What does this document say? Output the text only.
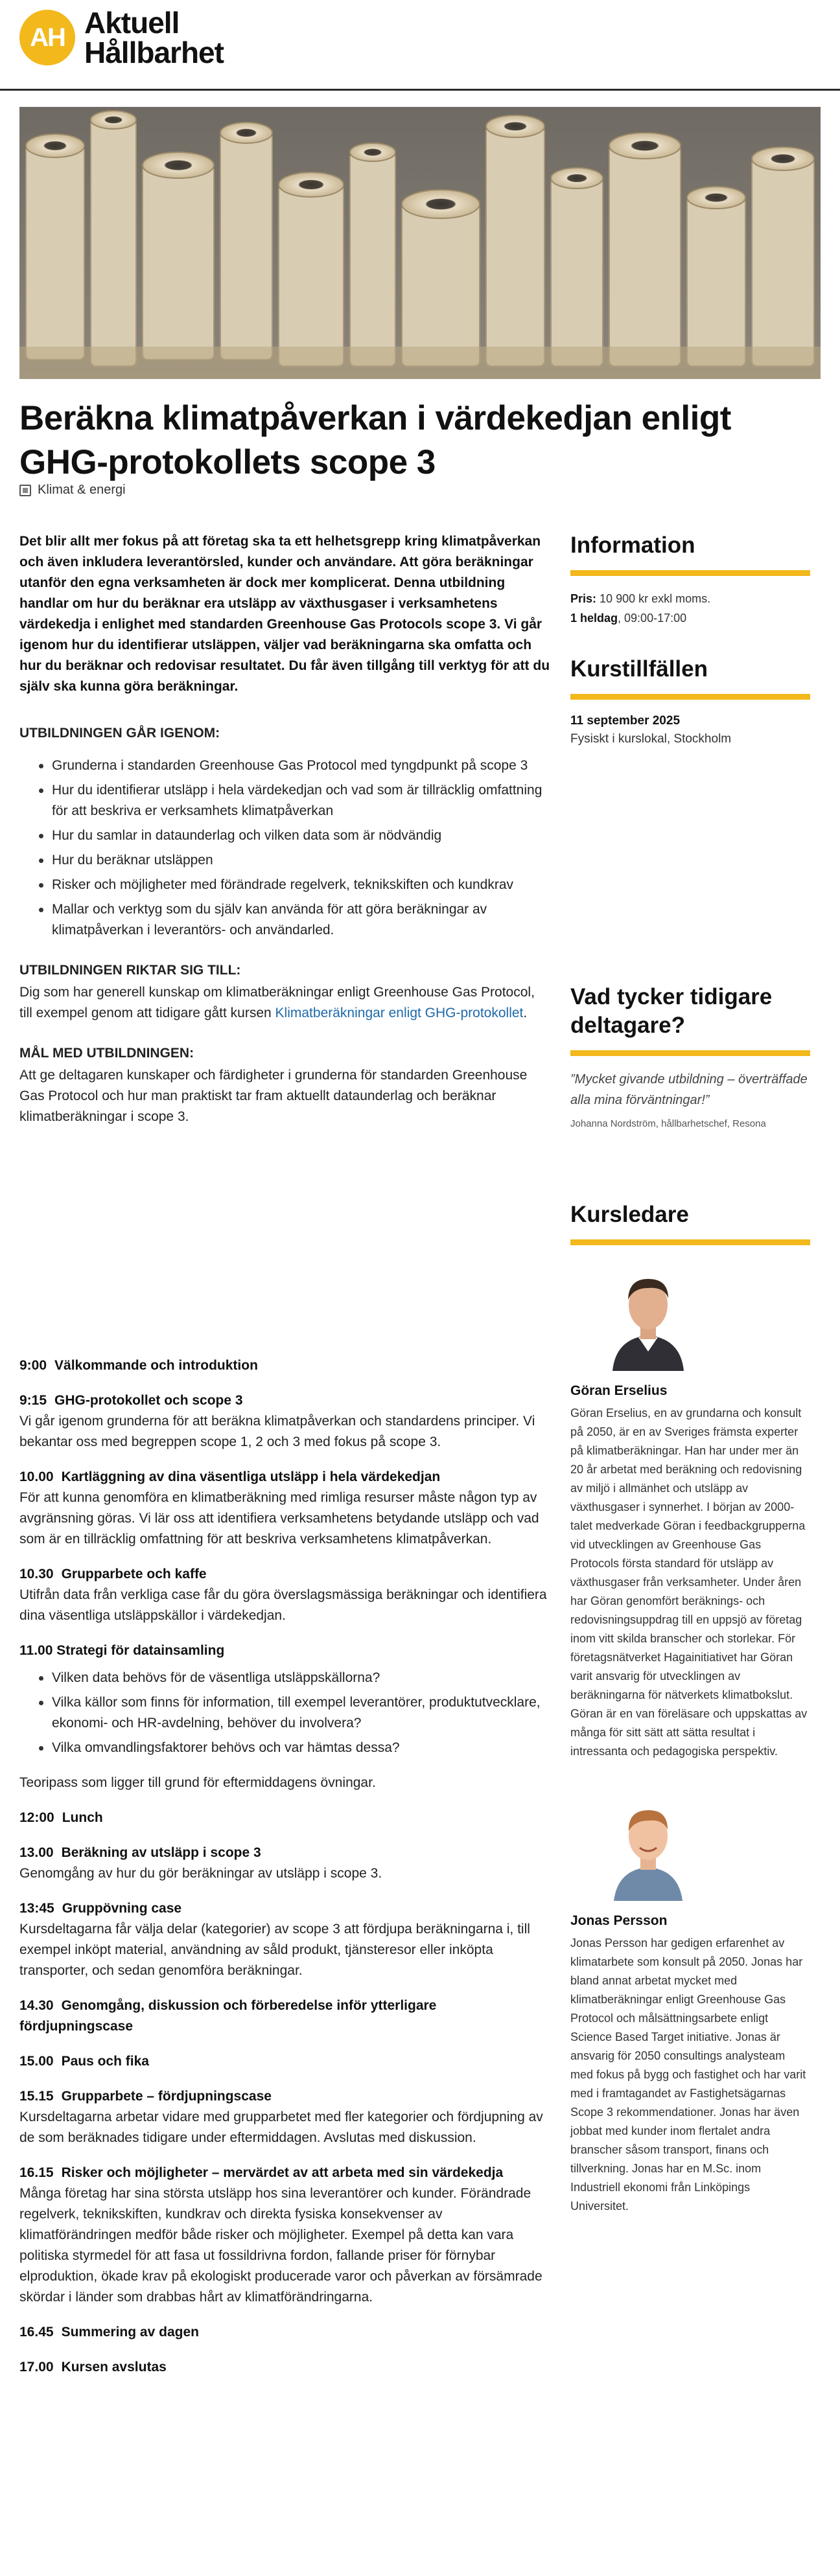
AH Aktuell
Hållbarhet
Beräkna klimatpåverkan i värdekedjan enligt GHG-protokollets scope 3
Klimat & energi

Det blir allt mer fokus på att företag ska ta ett helhetsgrepp kring klimatpåverkan och även inkludera leverantörsled, kunder och användare. Att göra beräkningar utanför den egna verksamheten är dock mer komplicerat. Denna utbildning handlar om hur du beräknar era utsläpp av växthusgaser i verksamhetens värdekedja i enlighet med standarden Greenhouse Gas Protocols scope 3. Vi går igenom hur du identifierar utsläppen, väljer vad beräkningarna ska omfatta och hur du beräknar och redovisar resultatet. Du får även tillgång till verktyg för att du själv ska kunna göra beräkningar.

UTBILDNINGEN GÅR IGENOM:

Grunderna i standarden Greenhouse Gas Protocol med tyngdpunkt på scope 3
Hur du identifierar utsläpp i hela värdekedjan och vad som är tillräcklig omfattning för att beskriva er verksamhets klimatpåverkan
Hur du samlar in dataunderlag och vilken data som är nödvändig
Hur du beräknar utsläppen
Risker och möjligheter med förändrade regelverk, teknikskiften och kundkrav
Mallar och verktyg som du själv kan använda för att göra beräkningar av klimatpåverkan i leverantörs- och användarled.

UTBILDNINGEN RIKTAR SIG TILL:

Dig som har generell kunskap om klimatberäkningar enligt Greenhouse Gas Protocol, till exempel genom att tidigare gått kursen Klimatberäkningar enligt GHG-protokollet.

MÅL MED UTBILDNINGEN:

Att ge deltagaren kunskaper och färdigheter i grunderna för standarden Greenhouse Gas Protocol och hur man praktiskt tar fram aktuellt dataunderlag och beräknar klimatberäkningar i scope 3.

9:00 Välkommande och introduktion
9:15 GHG-protokollet och scope 3
Vi går igenom grunderna för att beräkna klimatpåverkan och standardens principer. Vi bekantar oss med begreppen scope 1, 2 och 3 med fokus på scope 3.
10.00 Kartläggning av dina väsentliga utsläpp i hela värdekedjan
För att kunna genomföra en klimatberäkning med rimliga resurser måste någon typ av avgränsning göras. Vi lär oss att identifiera verksamhetens betydande utsläpp och vad som är en tillräcklig omfattning för att beskriva verksamhetens klimatpåverkan.
10.30 Grupparbete och kaffe
Utifrån data från verkliga case får du göra överslagsmässiga beräkningar och identifiera dina väsentliga utsläppskällor i värdekedjan.
11.00 Strategi för datainsamling
Vilken data behövs för de väsentliga utsläppskällorna?
Vilka källor som finns för information, till exempel leverantörer, produktutvecklare, ekonomi- och HR-avdelning, behöver du involvera?
Vilka omvandlingsfaktorer behövs och var hämtas dessa?
Teoripass som ligger till grund för eftermiddagens övningar.
12:00 Lunch
13.00 Beräkning av utsläpp i scope 3
Genomgång av hur du gör beräkningar av utsläpp i scope 3.
13:45 Gruppövning case
Kursdeltagarna får välja delar (kategorier) av scope 3 att fördjupa beräkningarna i, till exempel inköpt material, användning av såld produkt, tjänsteresor eller inköpta transporter, och sedan genomföra beräkningar.
14.30 Genomgång, diskussion och förberedelse inför ytterligare fördjupningscase
15.00 Paus och fika
15.15 Grupparbete – fördjupningscase
Kursdeltagarna arbetar vidare med grupparbetet med fler kategorier och fördjupning av de som beräknades tidigare under eftermiddagen. Avslutas med diskussion.
16.15 Risker och möjligheter – mervärdet av att arbeta med sin värdekedja
Många företag har sina största utsläpp hos sina leverantörer och kunder. Förändrade regelverk, teknikskiften, kundkrav och direkta fysiska konsekvenser av klimatförändringen medför både risker och möjligheter. Exempel på detta kan vara politiska styrmedel för att fasa ut fossildrivna fordon, fallande priser för förnybar elproduktion, ökade krav på ekologiskt producerade varor och påverkan av försämrade skördar i länder som drabbas hårt av klimatförändringarna.
16.45 Summering av dagen
17.00 Kursen avslutas
Information
Pris: 10 900 kr exkl moms.
1 heldag, 09:00-17:00
Kurstillfällen
11 september 2025
Fysiskt i kurslokal, Stockholm
Vad tycker tidigare deltagare?

”Mycket givande utbildning – överträffade alla mina förväntningar!”

Johanna Nordström, hållbarhetschef, Resona

Kursledare
Göran Erselius
Göran Erselius, en av grundarna och konsult på 2050, är en av Sveriges främsta experter på klimatberäkningar. Han har under mer än 20 år arbetat med beräkning och redovisning av miljö i allmänhet och utsläpp av växthusgaser i synnerhet. I början av 2000-talet medverkade Göran i feedbackgrupperna vid utvecklingen av Greenhouse Gas Protocols första standard för utsläpp av växthusgaser från verksamheter. Under åren har Göran genomfört beräknings- och redovisningsuppdrag till en uppsjö av företag inom vitt skilda branscher och storlekar. För företagsnätverket Hagainitiativet har Göran varit ansvarig för utvecklingen av beräkningarna för nätverkets klimatbokslut. Göran är en van föreläsare och uppskattas av många för sitt sätt att sätta resultat i intressanta och pedagogiska perspektiv.
Jonas Persson
Jonas Persson har gedigen erfarenhet av klimatarbete som konsult på 2050. Jonas har bland annat arbetat mycket med klimatberäkningar enligt Greenhouse Gas Protocol och målsättningsarbete enligt Science Based Target initiative. Jonas är ansvarig för 2050 consultings analysteam med fokus på bygg och fastighet och har varit med i framtagandet av Fastighetsägarnas Scope 3 rekommendationer. Jonas har även jobbat med kunder inom flertalet andra branscher såsom transport, finans och tillverkning. Jonas har en M.Sc. inom Industriell ekonomi från Linköpings Universitet.
